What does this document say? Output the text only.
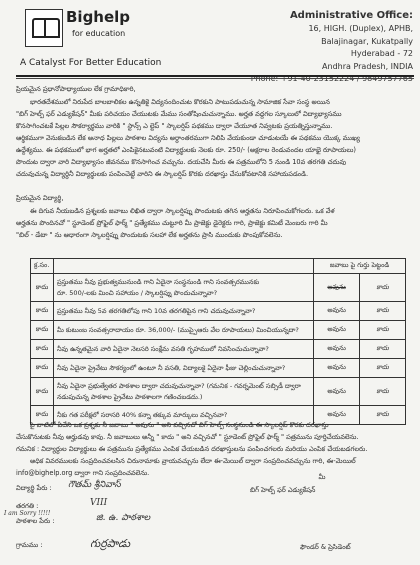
Bighelp
for education
A Catalyst For Better Education
Administrative Office:
16, HIGH. (Duplex), APHB,
Balajinagar, Kukatpally
Hyderabad - 72
Andhra Pradesh, INDIA
ప్రియమైన ప్రధానోపాధ్యాయుల లేక గ్రామాధికారి,
భారతదేశములో నిరుపేద బాలబాలికల ఉన్నతికై విద్యనందించుట కొరకుని పాటుపడుచున్న సామాజిక సేవా సంస్థ అయిన
"బిగ్ హెల్ప్ ఫర్ ఎడ్యుకేషన్" మీకు పరిచయం చేయుటకు మేము సంతోషించుచున్నాము. అర్హత వద్దగల స్కూలులో విద్యాభ్యాసము
కొనసాగించటకే పిల్లల సౌకర్యార్థము వారికి " స్టాన్స్ ఎ ల్టెప్ " స్కాలర్షిప్ పథకము ద్వారా చేయూత నివ్వటకు ప్రయత్నిస్తున్నాము.
ఆర్థికముగా వెనుకబడిన లేక అనాధ పిల్లలు పాఠశాల విద్యను అర్థాంతరముగా నిలిపి వేయకుండా చూడుటయే ఈ పథకము యొక్క ముఖ్య
ఉద్దేశ్యము. ఈ పథకములో భాగ అర్హతలో ఎంపికైనటువంటి విద్యార్థులకు నెలకు రూ. 250/- (అక్షరాల రెండువందల యాభై రూపాయలు)
పొందుట ద్వారా వారి విద్యాభ్యాసం జీవనము కొనసాగించ వచ్చును. దయచేసి మీరు ఈ పత్రములోని 5 నుండి 10వ తరగతి చదువు
చదువుచున్న విద్యార్థినీ విద్యార్థులకు పంపించెట్టే వారిని ఈ స్కాలర్షిప్ కొరకు దరఖాస్తు చేసుకోవటానికి సహాయపడండి.
ప్రియమైన విద్యార్థి,
ఈ దిగువ నీయబడిన ప్రశ్నలకు జవాబు లిఖిత ద్వారా స్కాలర్షిప్ను పొందుటకు తగిన అర్హతను నిరూపించుకోగలరు. ఒక వేళ
అర్హతను పొందినచో " స్టూడెంట్ ప్రోఫైల్ ఫార్మ్ " ప్రత్యేకము చుట్టూరి మీ ప్రాజెక్టు డైరెక్టరు గారి, ప్రాజెక్టు కమిటీ మెంబరు గారి మీ
"బిల్ - డేటా " ను ఆధారంగా స్కాలర్షిప్ను పొందుటకు సలహా లేక అర్హతను ప్రాసి ముందుకు పొంపుకోవలెను.
క్ర.సం.		జవాబు పై గుర్తు పెట్టండి	
కాదు	ప్రస్తుతము నీవు ప్రభుత్వమునుండి గాని ఏదైనా సంస్థనుండి గాని సంవత్సరమునకు
రూ. 500/-లకు మించి సహాయం / స్కాలర్షిప్ను పొందుచున్నావా?	అవును	కాదు
కాదు	ప్రస్తుతము నీవు 5వ తరగతిలోపు గాని 10వ తరగతిపైన గాని చదువుచున్నావా?	అవును	కాదు
కాదు	మీ కుటుంబ సంవత్సరాదాయం రూ. 36,000/- (ముప్పైఆరు వేల రూపాయలు) మించియున్నదా?	అవును	కాదు
కాదు	నీవు ఉన్నతమైన వారి ఏదైనా నెలసరి సంక్షేమ వసతి గృహములో నివసించుచున్నావా?	అవును	కాదు
కాదు	నీవు ఏదైనా ప్రైవేటు సౌకర్యంలో ఉంటూ నీ వసతి, విద్యాలకై ఏదైనా ఫీజు చెల్లించుచున్నావా?	అవును	కాదు
కాదు	నీవు ఏదైనా ప్రభుత్వేతర పాఠశాల ద్వారా చదువుచున్నావా? (గమనిక - గవర్నమెంట్ సబ్సిడీ ద్వారా
నడుపుచున్న పాఠశాల ప్రైవేటు పాఠశాలగా గణించబడదు.)	అవును	కాదు
కాదు	నీకు గత పరీక్షలో సరాసరి 40% కన్నా తక్కువ మార్కులు వచ్చినవా?	అవును	కాదు
పై వాటిలో ఏదేని ఒక ప్రశ్నకు నీ జవాబు " అవును " అని వచ్చినచో బిగ్ హెల్ప్ సంస్థనుండి ఈ స్కాలర్షిప్ కొరకు దరఖాస్తు
చేసుకొనుటకు నీవు అర్హుడవు కావు. నీ జవాబులు అన్నీ " కాదు " అని వచ్చినచో " స్టూడెంట్ ప్రోఫైల్ ఫార్మ్ " పత్రమును పూర్తిచేయవలెను.
గమనిక : విద్యార్థుల విద్యార్థులు ఈ పత్రమును ప్రత్యేకము ఎంపిక చేయబడిన దరఖాస్తులను పంపించగలరు మరియు ఎంపిక చేయబడగలరు.
అధిక వివరములకు సంప్రదించవలసిన చిరునామాకు వ్రాయవచ్చును లేదా ఈ-మెయిల్ ద్వారా సంప్రదించవచ్చును గారి, ఈ-మెయిల్
info@bighelp.org ద్వారా గాని సంప్రదించవలెను.
విద్యార్థి పేరు : గౌతమ్ శ్రీనివాస్
మీ
బిగ్ హెల్ప్ ఫర్ ఎడ్యుకేషన్
తరగతి :	VIII
I am Sorry !!!!!
పాఠశాల పేరు :	జి. ఉ. పాఠశాల
గ్రామము :	గుర్రపాడు	ఫౌండర్ & ప్రెసిడెంట్
